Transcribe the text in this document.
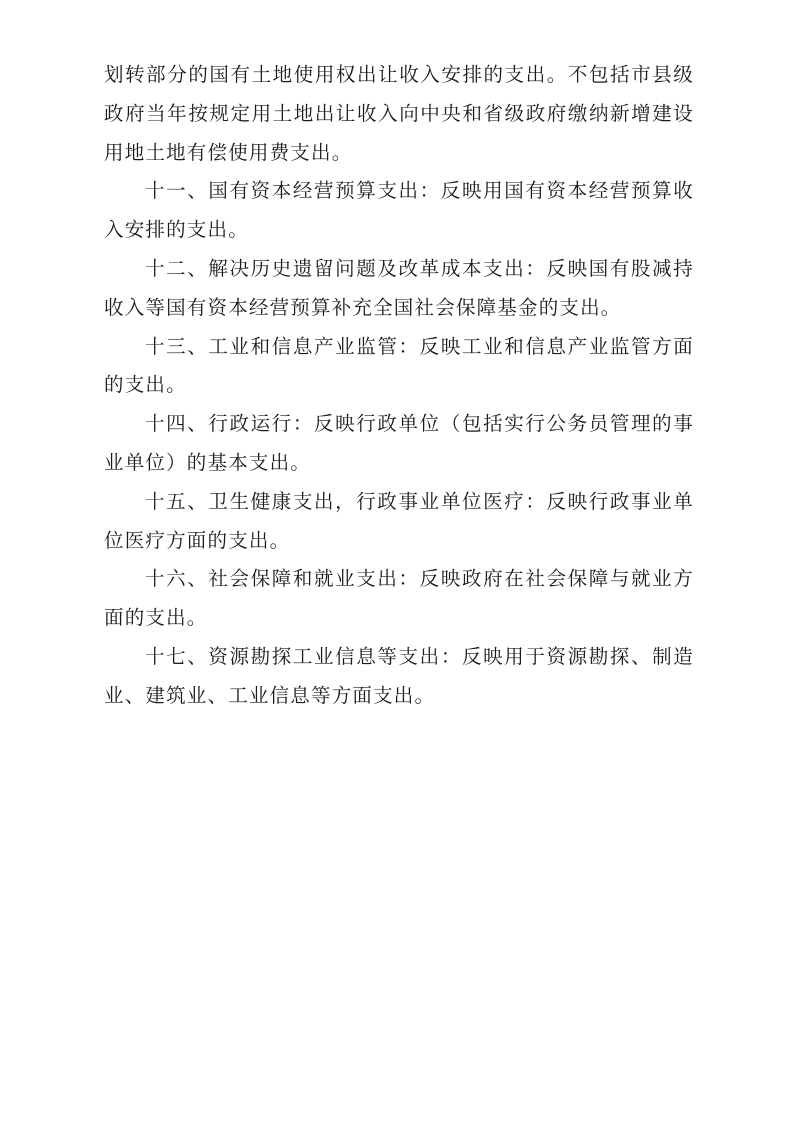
划转部分的国有土地使用权出让收入安排的支出。不包括市县级政府当年按规定用土地出让收入向中央和省级政府缴纳新增建设用地土地有偿使用费支出。

十一、国有资本经营预算支出：反映用国有资本经营预算收入安排的支出。

十二、解决历史遗留问题及改革成本支出：反映国有股减持收入等国有资本经营预算补充全国社会保障基金的支出。

十三、工业和信息产业监管：反映工业和信息产业监管方面的支出。

十四、行政运行：反映行政单位（包括实行公务员管理的事业单位）的基本支出。

十五、卫生健康支出，行政事业单位医疗：反映行政事业单位医疗方面的支出。

十六、社会保障和就业支出：反映政府在社会保障与就业方面的支出。

十七、资源勘探工业信息等支出：反映用于资源勘探、制造业、建筑业、工业信息等方面支出。
